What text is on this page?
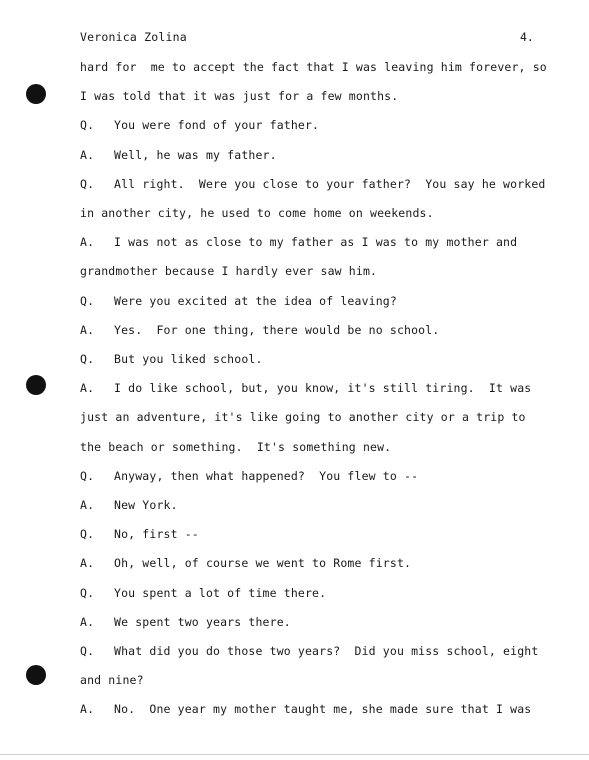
Veronica Zolina	4.
hard for  me to accept the fact that I was leaving him forever, so
I was told that it was just for a few months.
Q. You were fond of your father.
A. Well, he was my father.
Q. All right.  Were you close to your father?  You say he worked
in another city, he used to come home on weekends.
A. I was not as close to my father as I was to my mother and
grandmother because I hardly ever saw him.
Q. Were you excited at the idea of leaving?
A. Yes.  For one thing, there would be no school.
Q. But you liked school.
A. I do like school, but, you know, it's still tiring.  It was
just an adventure, it's like going to another city or a trip to
the beach or something.  It's something new.
Q. Anyway, then what happened?  You flew to --
A. New York.
Q. No, first --
A. Oh, well, of course we went to Rome first.
Q. You spent a lot of time there.
A. We spent two years there.
Q. What did you do those two years?  Did you miss school, eight
and nine?
A. No.  One year my mother taught me, she made sure that I was
